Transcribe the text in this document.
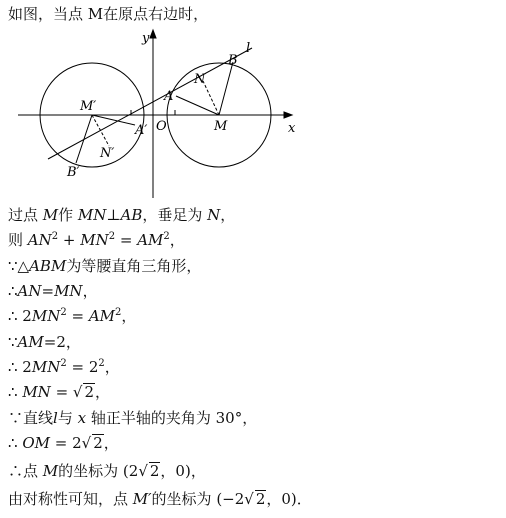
如图，当点 M在原点右边时，
y
x
O
l
A
B
N
M
M′
A′
N′
B′
过点 M作 MN⊥AB，垂足为 N，
则 $AN^2 + MN^2 = AM^2$，
∵△ABM为等腰直角三角形，
∴AN=MN，
∴ $2MN^2 = AM^2$，
∵AM=2，
∴ $2MN^2 = 2^2$，
∴ MN = √ 2，
∵直线l与 x 轴正半轴的夹角为 30°，
∴ OM = 2√ 2，
∴点 M的坐标为 (2√ 2，0)，
由对称性可知，点 M′的坐标为 (−2√ 2，0)．
